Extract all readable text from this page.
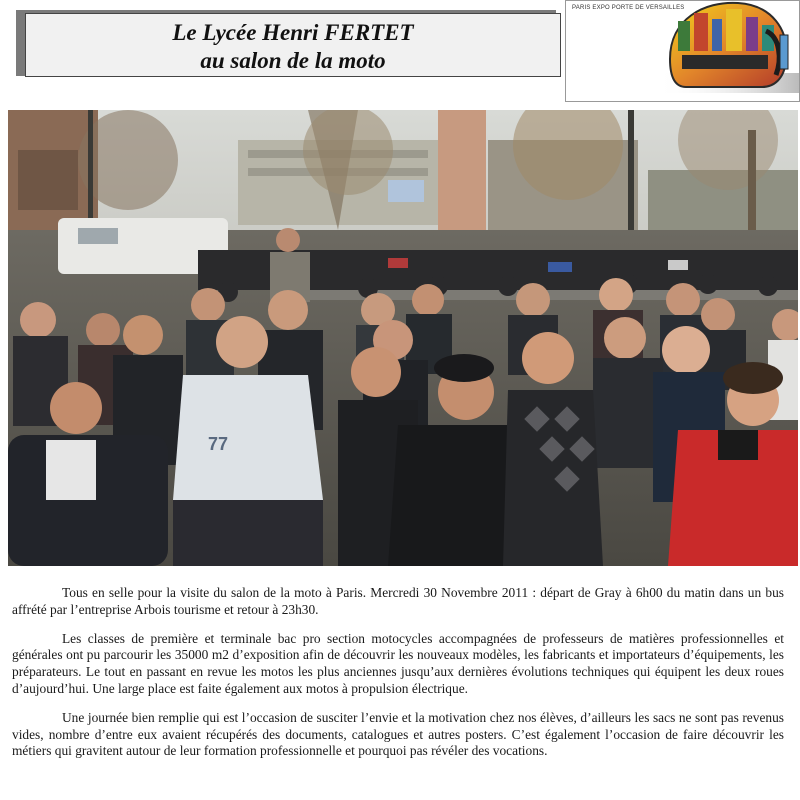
Le Lycée Henri FERTET
au salon de la moto
PARIS EXPO PORTE DE VERSAILLES
77

Tous en selle pour la visite du salon de la moto à Paris. Mercredi 30 Novembre 2011 : départ de Gray à 6h00 du matin dans un bus affrété par l’entreprise Arbois tourisme et retour à 23h30.

Les classes de première et terminale bac pro section motocycles accompagnées de professeurs de matières professionnelles et générales ont pu parcourir les 35000 m2 d’exposition afin de découvrir les nouveaux modèles, les fabricants et importateurs d’équipements, les préparateurs. Le tout en passant en revue les motos les plus anciennes jusqu’aux dernières évolutions techniques qui équipent les deux roues d’aujourd’hui. Une large place est faite également aux motos à propulsion électrique.

Une journée bien remplie qui est l’occasion de susciter l’envie et la motivation chez nos élèves, d’ailleurs les sacs ne sont pas revenus vides, nombre d’entre eux avaient récupérés des documents, catalogues et autres posters. C’est également l’occasion de faire découvrir les métiers qui gravitent autour de leur formation professionnelle et pourquoi pas révéler des vocations.
